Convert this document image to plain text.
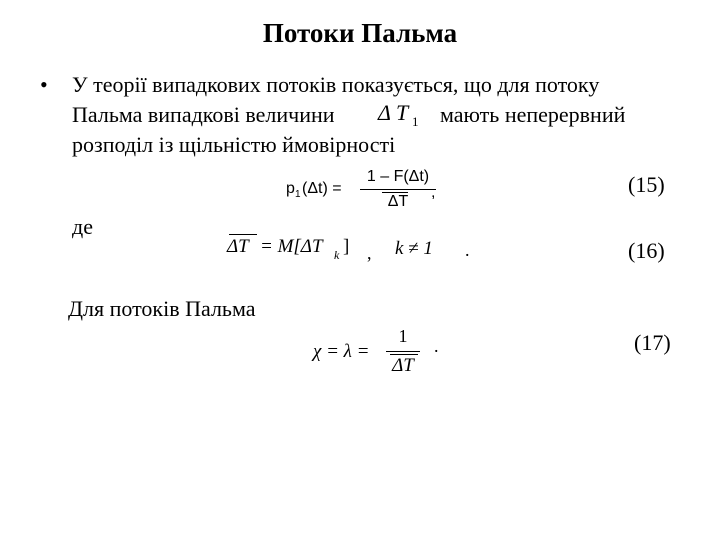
Потоки Пальма
• У теорії випадкових потоків показується, що для потоку
Пальма випадкові величини Δ T 1 мають неперервний
розподіл із щільністю ймовірності
p 1 (Δt) =
1 – F(Δt)
ΔT
,	(15)
де
ΔT = M[ΔT k ] , k ≠ 1 .	(16)
Для потоків Пальма
χ = λ =
1
ΔT
.	(17)
